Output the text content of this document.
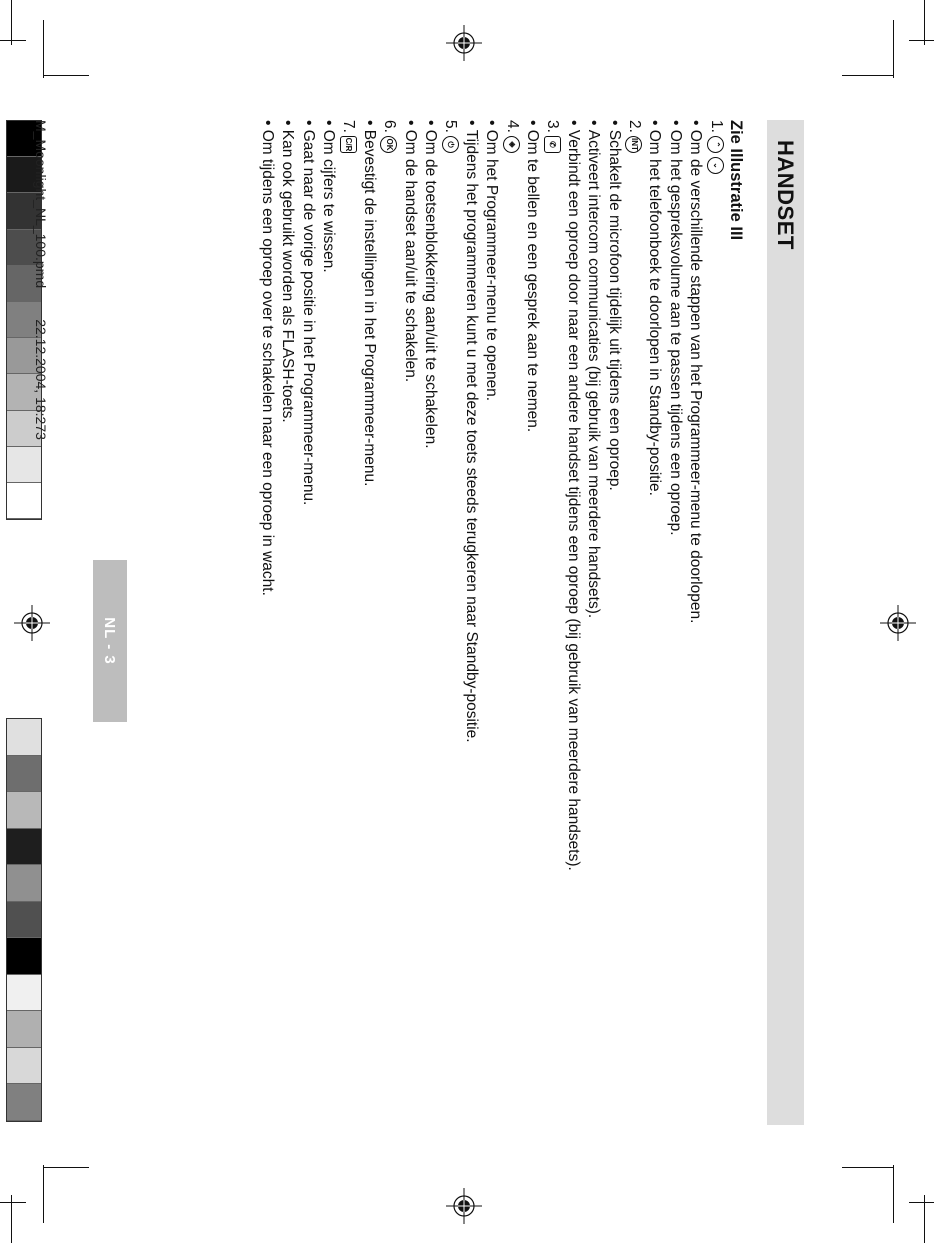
HANDSET
Zie Illustratie III
1.
⌃
⌄
• Om de verschillende stappen van het Programmeer-menu te doorlopen.
• Om het gespreksvolume aan te passen tijdens een oproep.
• Om het telefoonboek te doorlopen in Standby-positie.
2.
INT
• Schakelt de microfoon tijdelijk uit tijdens een oproep.
• Activeert intercom communicaties (bij gebruik van meerdere handsets).
• Verbindt een oproep door naar een andere handset tijdens een oproep (bij gebruik van meerdere handsets).
3.
✆
• Om te bellen en een gesprek aan te nemen.
4.
◈
• Om het Programmeer-menu te openen.
• Tijdens het programmeren kunt u met deze toets steeds terugkeren naar Standby-positie.
5.
⏻
• Om de toetsenblokkering aan/uit te schakelen.
• Om de handset aan/uit te schakelen.
6.
OK
• Bevestigt de instellingen in het Programmeer-menu.
7.
C/R
• Om cijfers te wissen.
• Gaat naar de vorige positie in het Programmeer-menu.
• Kan ook gebruikt worden als FLASH-toets.
• Om tijdens een oproep over te schakelen naar een oproep in wacht.
NL - 3
M_Moonlight_NL_100.pmd        22.12.2004, 18:273
